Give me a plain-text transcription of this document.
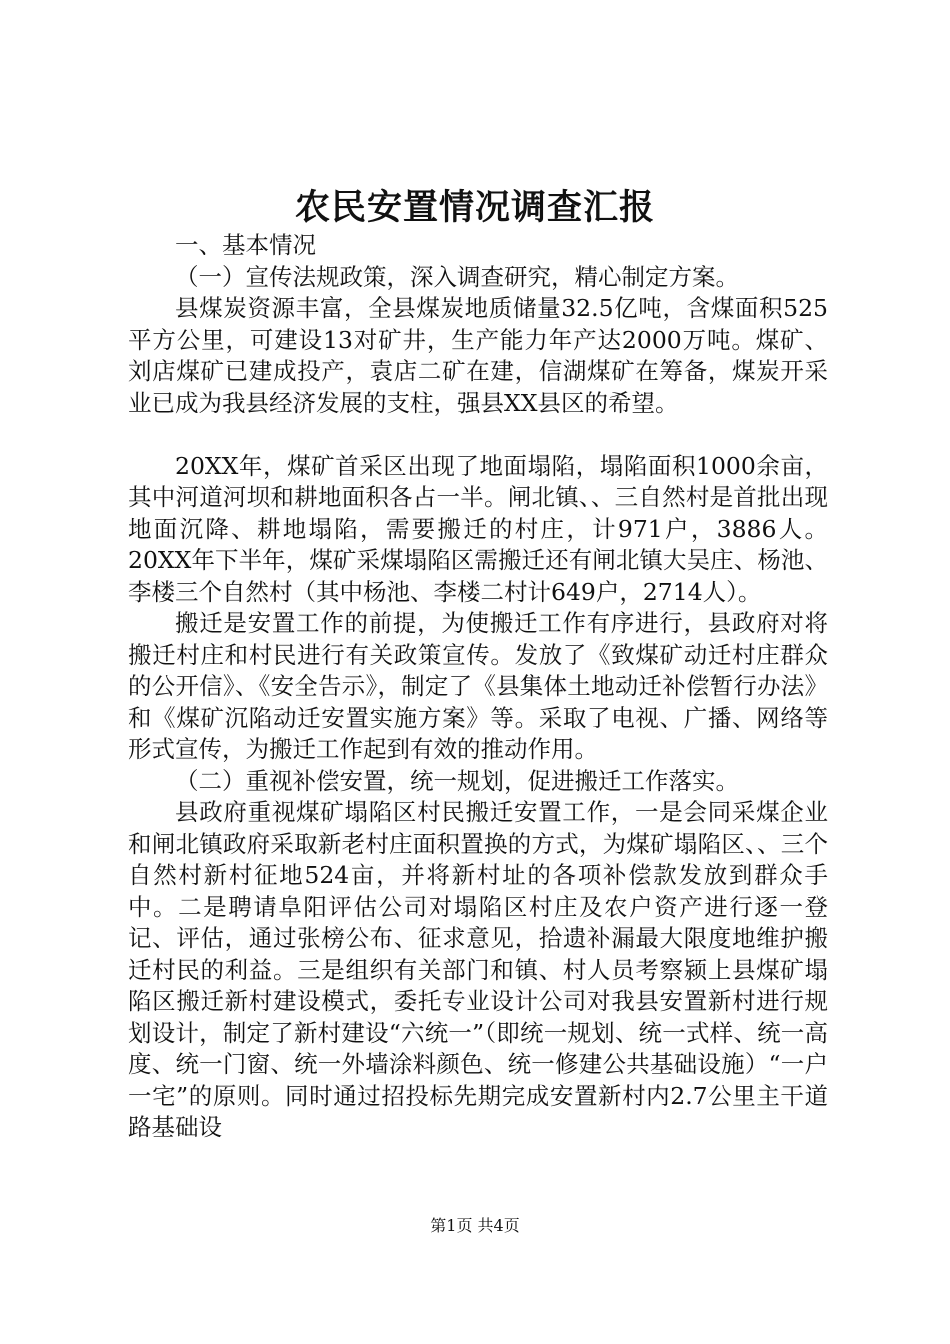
农民安置情况调查汇报

一、基本情况

（一）宣传法规政策，深入调查研究，精心制定方案。

县煤炭资源丰富，全县煤炭地质储量32.5亿吨，含煤面积525平方公里，可建设13对矿井，生产能力年产达2000万吨。煤矿、刘店煤矿已建成投产，袁店二矿在建，信湖煤矿在筹备，煤炭开采业已成为我县经济发展的支柱，强县XX县区的希望。

20XX年，煤矿首采区出现了地面塌陷，塌陷面积1000余亩，其中河道河坝和耕地面积各占一半。闸北镇、、三自然村是首批出现地面沉降、耕地塌陷，需要搬迁的村庄，计971户，3886人。20XX年下半年，煤矿采煤塌陷区需搬迁还有闸北镇大吴庄、杨池、李楼三个自然村（其中杨池、李楼二村计649户，2714人）。

搬迁是安置工作的前提，为使搬迁工作有序进行，县政府对将搬迁村庄和村民进行有关政策宣传。发放了《致煤矿动迁村庄群众的公开信》、《安全告示》，制定了《县集体土地动迁补偿暂行办法》和《煤矿沉陷动迁安置实施方案》等。采取了电视、广播、网络等形式宣传，为搬迁工作起到有效的推动作用。

（二）重视补偿安置，统一规划，促进搬迁工作落实。

县政府重视煤矿塌陷区村民搬迁安置工作，一是会同采煤企业和闸北镇政府采取新老村庄面积置换的方式，为煤矿塌陷区、、三个自然村新村征地524亩，并将新村址的各项补偿款发放到群众手中。二是聘请阜阳评估公司对塌陷区村庄及农户资产进行逐一登记、评估，通过张榜公布、征求意见，拾遗补漏最大限度地维护搬迁村民的利益。三是组织有关部门和镇、村人员考察颍上县煤矿塌陷区搬迁新村建设模式，委托专业设计公司对我县安置新村进行规划设计，制定了新村建设“六统一”（即统一规划、统一式样、统一高度、统一门窗、统一外墙涂料颜色、统一修建公共基础设施）“一户一宅”的原则。同时通过招投标先期完成安置新村内2.7公里主干道路基础设

第1页 共4页
